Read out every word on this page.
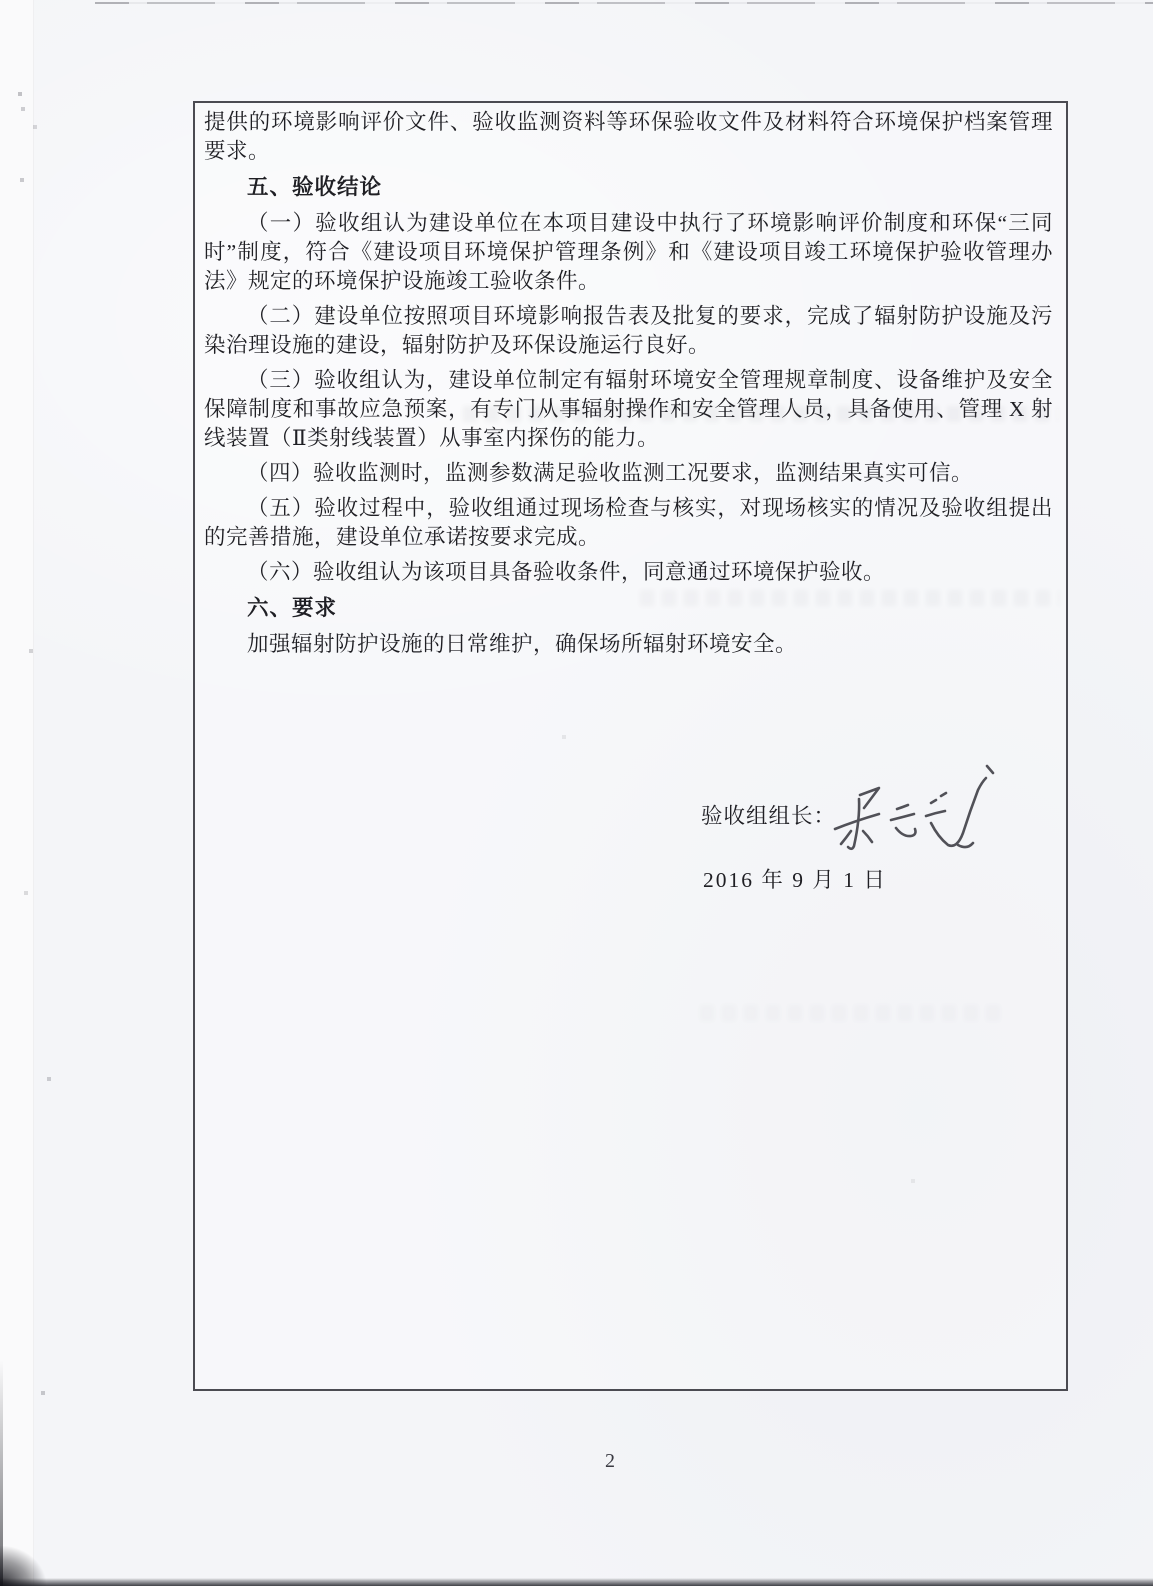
提供的环境影响评价文件、验收监测资料等环保验收文件及材料符合环境保护档案管理要求。

五、验收结论

（一）验收组认为建设单位在本项目建设中执行了环境影响评价制度和环保“三同时”制度，符合《建设项目环境保护管理条例》和《建设项目竣工环境保护验收管理办法》规定的环境保护设施竣工验收条件。

（二）建设单位按照项目环境影响报告表及批复的要求，完成了辐射防护设施及污染治理设施的建设，辐射防护及环保设施运行良好。

（三）验收组认为，建设单位制定有辐射环境安全管理规章制度、设备维护及安全保障制度和事故应急预案，有专门从事辐射操作和安全管理人员，具备使用、管理 X 射线装置（Ⅱ类射线装置）从事室内探伤的能力。

（四）验收监测时，监测参数满足验收监测工况要求，监测结果真实可信。

（五）验收过程中，验收组通过现场检查与核实，对现场核实的情况及验收组提出的完善措施，建设单位承诺按要求完成。

（六）验收组认为该项目具备验收条件，同意通过环境保护验收。

六、要求

加强辐射防护设施的日常维护，确保场所辐射环境安全。

验收组组长：
2016 年 9 月 1 日
2
